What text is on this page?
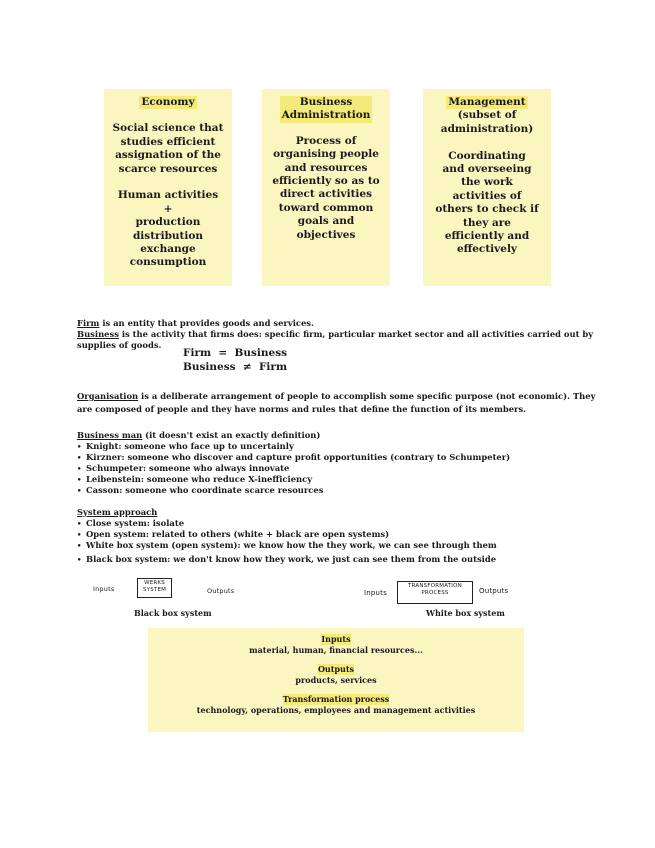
Economy
Social science that
studies efficient
assignation of the
scarce resources

Human activities
+
production
distribution
exchange
consumption
Business
Administration
Process of
organising people
and resources
efficiently so as to
direct activities
toward common
goals and
objectives
Management
(subset of
administration)

Coordinating
and overseeing
the work
activities of
others to check if
they are
efficiently and
effectively
Firm is an entity that provides goods and services.
Business is the activity that firms does: specific firm, particular market sector and all activities carried out by
supplies of goods.
Firm  =  Business
Business  ≠  Firm
Organisation is a deliberate arrangement of people to accomplish some specific purpose (not economic). They
are composed of people and they have norms and rules that define the function of its members.
Business man (it doesn't exist an exactly definition)
• Knight: someone who face up to uncertainly
• Kirzner: someone who discover and capture profit opportunities (contrary to Schumpeter)
• Schumpeter: someone who always innovate
• Leibenstein: someone who reduce X-inefficiency
• Casson: someone who coordinate scarce resources
System approach
• Close system: isolate
• Open system: related to others (white + black are open systems)
• White box system (open system): we know how the they work, we can see through them
• Black box system: we don't know how they work, we just can see them from the outside
Inputs
WERKS
SYSTEM	Outputs
Black box system
Inputs
TRANSFORMATION
PROCESS	Outputs
White box system
Inputs
material, human, financial resources...
Outputs
products, services
Transformation process
technology, operations, employees and management activities
